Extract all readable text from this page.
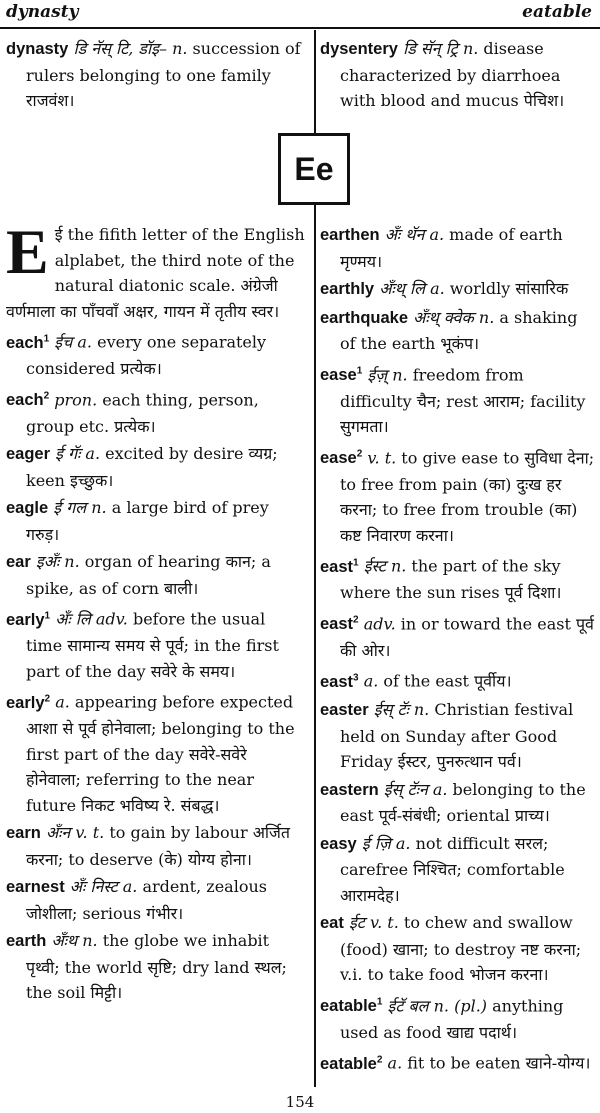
dynasty	eatable
dynasty डि नॅस् टि, डॉइ– n. succession of rulers belonging to one family राजवंश।
dysentery डि सॅन् ट्रि n. disease characterized by diarrhoea with blood and mucus पेचिश।
Ee
E ई the fifith letter of the English alplabet, the third note of the natural diatonic scale. अंग्रेजी वर्णमाला का पाँचवाँ अक्षर, गायन में तृतीय स्वर।
each$^1$ ईच a. every one separately considered प्रत्येक।
each$^2$ pron. each thing, person, group etc. प्रत्येक।
eager ई गॅः a. excited by desire व्यग्र; keen इच्छुक।
eagle ई गल n. a large bird of prey गरुड़।
ear इअँः n. organ of hearing कान; a spike, as of corn बाली।
early$^1$ अँः लि adv. before the usual time सामान्य समय से पूर्व; in the first part of the day सवेरे के समय।
early$^2$ a. appearing before expected आशा से पूर्व होनेवाला; belonging to the first part of the day सवेरे-सवेरे होनेवाला; referring to the near future निकट भविष्य रे. संबद्ध।
earn अँःन v. t. to gain by labour अर्जित करना; to deserve (के) योग्य होना।
earnest अँः निस्ट a. ardent, zealous जोशीला; serious गंभीर।
earth अँःथ n. the globe we inhabit पृथ्वी; the world सृष्टि; dry land स्थल; the soil मिट्टी।
earthen अँः थॅन a. made of earth मृण्मय।
earthly अँःथ् लि a. worldly सांसारिक
earthquake अँःथ् क्वेक n. a shaking of the earth भूकंप।
ease$^1$ ईज़् n. freedom from difficulty चैन; rest आराम; facility सुगमता।
ease$^2$ v. t. to give ease to सुविधा देना; to free from pain (का) दुःख हर करना; to free from trouble (का) कष्ट निवारण करना।
east$^1$ ईस्ट n. the part of the sky where the sun rises पूर्व दिशा।
east$^2$ adv. in or toward the east पूर्व की ओर।
east$^3$ a. of the east पूर्वीय।
easter ईस् टॅः n. Christian festival held on Sunday after Good Friday ईस्टर, पुनरुत्थान पर्व।
eastern ईस् टॅःन a. belonging to the east पूर्व-संबंधी; oriental प्राच्य।
easy ई ज़ि a. not difficult सरल; carefree निश्चित; comfortable आरामदेह।
eat ईट v. t. to chew and swallow (food) खाना; to destroy नष्ट करना; v.i. to take food भोजन करना।
eatable$^1$ ईटॅ बल n. (pl.) anything used as food खाद्य पदार्थ।
eatable$^2$ a. fit to be eaten खाने-योग्य।
154
